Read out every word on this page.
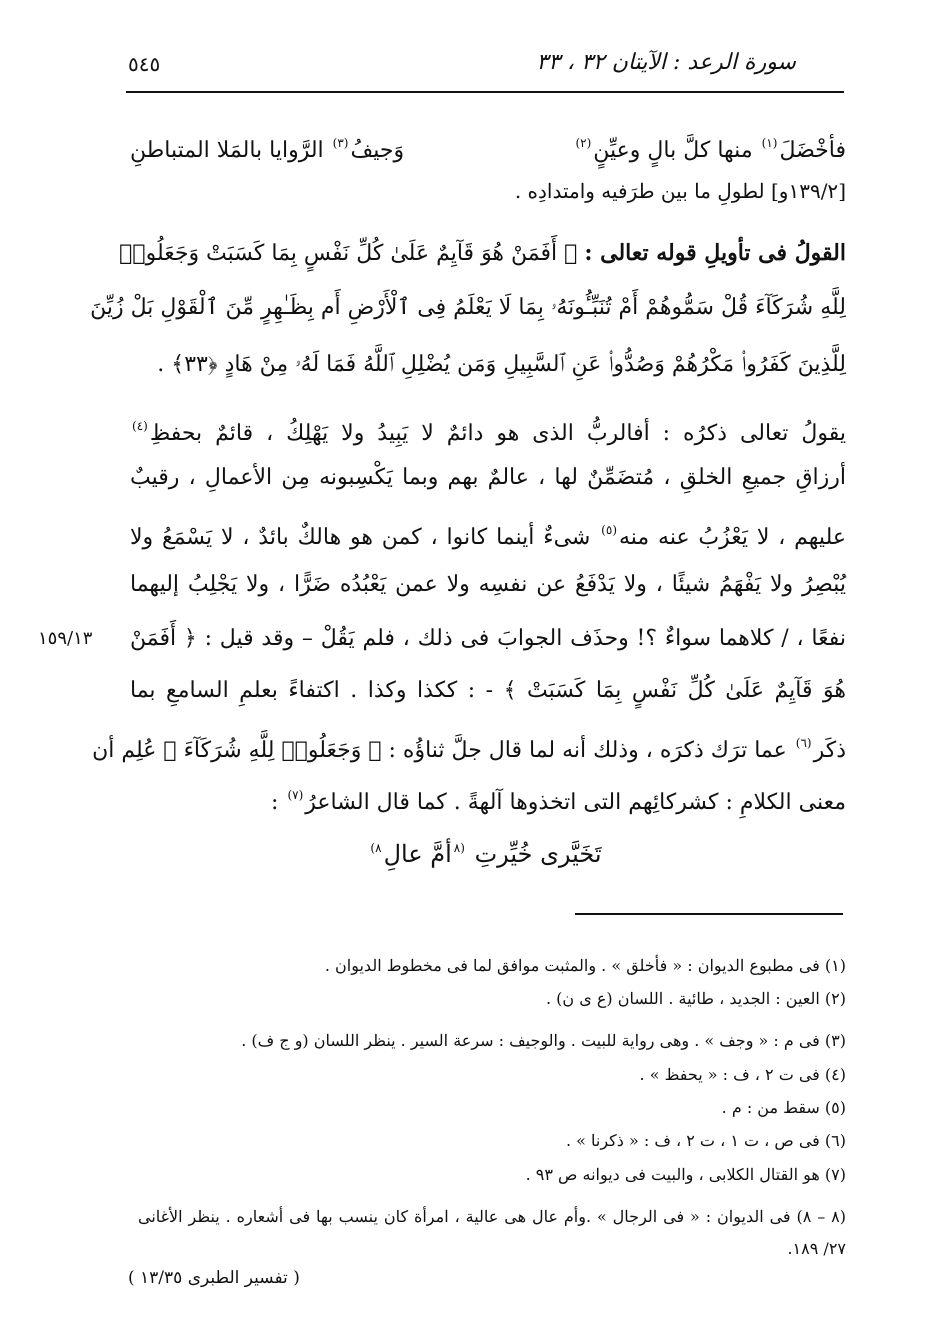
٥٤٥	سورة الرعد : الآيتان ٣٢ ، ٣٣
فأخْضَلَ$^{(١)}$ منها كلَّ بالٍ وعيِّنٍ$^{(٢)}$
وَجيفُ$^{(٣)}$ الرَّوايا بالمَلا المتباطنِ
[١٣٩/٢و] لطولِ ما بين طرَفيه وامتدادِه .
القولُ فى تأويلِ قوله تعالى : ﴿ أَفَمَنْ هُوَ قَآيِمٌ عَلَىٰ كُلِّ نَفْسٍ بِمَا كَسَبَتْ وَجَعَلُوا۟
لِلَّهِ شُرَكَآءَ قُلْ سَمُّوهُمْ أَمْ تُنَبِّـُٔونَهُۥ بِمَا لَا يَعْلَمُ فِى ٱلْأَرْضِ أَم بِظَـٰهِرٍ مِّنَ ٱلْقَوْلِ بَلْ زُيِّنَ
لِلَّذِينَ كَفَرُوا۟ مَكْرُهُمْ وَصُدُّوا۟ عَنِ ٱلسَّبِيلِ وَمَن يُضْلِلِ ٱللَّهُ فَمَا لَهُۥ مِنْ هَادٍ ﴿٣٣﴾ .
يقولُ تعالى ذكرُه : أفالربُّ الذى هو دائمٌ لا يَبِيدُ ولا يَهْلِكُ ، قائمٌ بحفظِ$^{(٤)}$
أرزاقِ جميعِ الخلقِ ، مُتضَمِّنٌ لها ، عالمٌ بهم وبما يَكْسِبونه مِن الأعمالِ ، رقيبٌ
عليهم ، لا يَعْزُبُ عنه منه$^{(٥)}$ شىءٌ أينما كانوا ، كمن هو هالكٌ بائدٌ ، لا يَسْمَعُ ولا
يُبْصِرُ ولا يَفْهَمُ شيئًا ، ولا يَدْفَعُ عن نفسِه ولا عمن يَعْبُدُه ضَرًّا ، ولا يَجْلِبُ إليهما
نفعًا ، / كلاهما سواءٌ ؟! وحذَف الجوابَ فى ذلك ، فلم يَقُلْ – وقد قيل : ﴿ أَفَمَنْ
هُوَ قَآيِمٌ عَلَىٰ كُلِّ نَفْسٍ بِمَا كَسَبَتْ ﴾ - : ككذا وكذا . اكتفاءً بعلمِ السامعِ بما
ذكَر$^{(٦)}$ عما ترَك ذكرَه ، وذلك أنه لما قال جلَّ ثناؤُه : ﴿ وَجَعَلُوا۟ لِلَّهِ شُرَكَآءَ ﴾ عُلِم أن
معنى الكلامِ : كشركائِهم التى اتخذوها آلهةً . كما قال الشاعرُ$^{(٧)}$ :
تَخَيَّرى خُيِّرتِ $^{(٨}$أمَّ عالِ$^{٨)}$
١٥٩/١٣
(١) فى مطبوع الديوان : « فأخلق » . والمثبت موافق لما فى مخطوط الديوان .
(٢) العين : الجديد ، طائية . اللسان (ع ى ن) .
(٣) فى م : « وجف » . وهى رواية للبيت . والوجيف : سرعة السير . ينظر اللسان (و ج ف) .
(٤) فى ت ٢ ، ف : « يحفظ » .
(٥) سقط من : م .
(٦) فى ص ، ت ١ ، ت ٢ ، ف : « ذكرنا » .
(٧) هو القتال الكلابى ، والبيت فى ديوانه ص ٩٣ .
(٨ – ٨) فى الديوان : « فى الرجال » .وأم عال هى عالية ، امرأة كان ينسب بها فى أشعاره . ينظر الأغانى
٢٧/ ١٨٩.
( تفسير الطبرى ١٣/٣٥ )
